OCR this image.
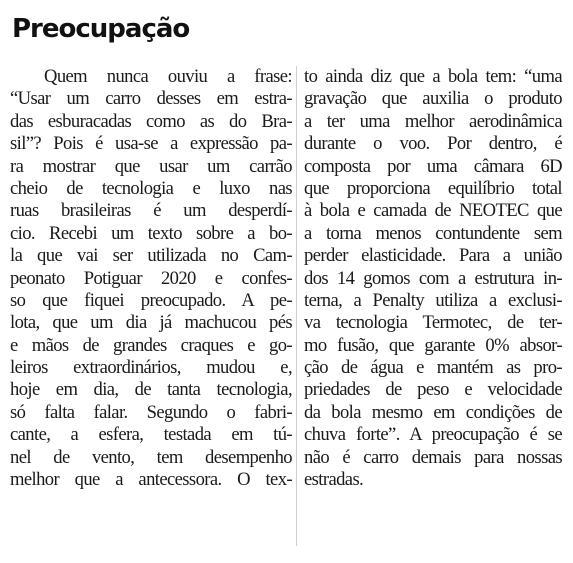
Preocupação
Quem nunca ouviu a frase:
“Usar um carro desses em estra-
das esburacadas como as do Bra-
sil”? Pois é usa-se a expressão pa-
ra mostrar que usar um carrão
cheio de tecnologia e luxo nas
ruas brasileiras é um desperdí-
cio. Recebi um texto sobre a bo-
la que vai ser utilizada no Cam-
peonato Potiguar 2020 e confes-
so que fiquei preocupado. A pe-
lota, que um dia já machucou pés
e mãos de grandes craques e go-
leiros extraordinários, mudou e,
hoje em dia, de tanta tecnologia,
só falta falar. Segundo o fabri-
cante, a esfera, testada em tú-
nel de vento, tem desempenho
melhor que a antecessora. O tex-
to ainda diz que a bola tem: “uma
gravação que auxilia o produto
a ter uma melhor aerodinâmica
durante o voo. Por dentro, é
composta por uma câmara 6D
que proporciona equilíbrio total
à bola e camada de NEOTEC que
a torna menos contundente sem
perder elasticidade. Para a união
dos 14 gomos com a estrutura in-
terna, a Penalty utiliza a exclusi-
va tecnologia Termotec, de ter-
mo fusão, que garante 0% absor-
ção de água e mantém as pro-
priedades de peso e velocidade
da bola mesmo em condições de
chuva forte”. A preocupação é se
não é carro demais para nossas
estradas.
